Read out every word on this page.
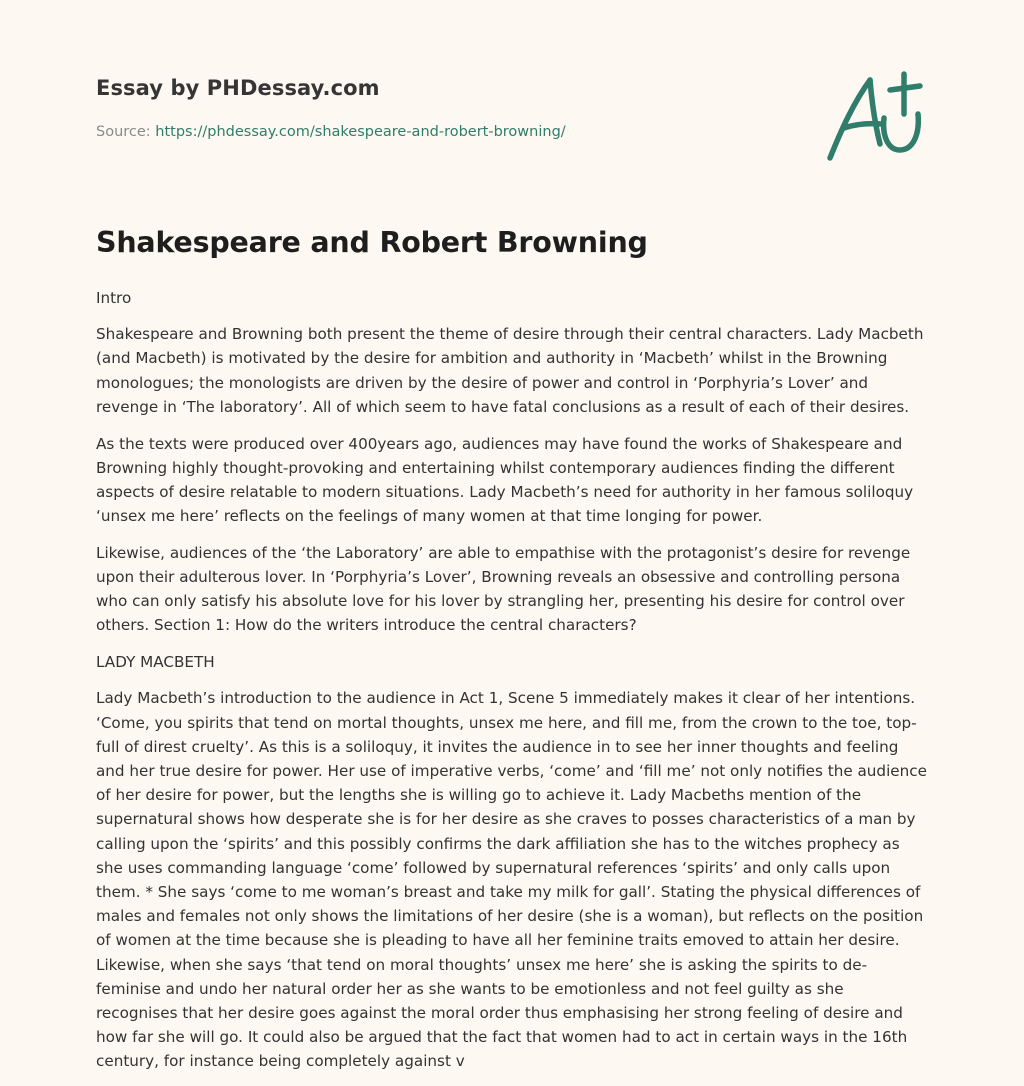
Essay by PHDessay.com
Source: https://phdessay.com/shakespeare-and-robert-browning/
Shakespeare and Robert Browning

Intro

Shakespeare and Browning both present the theme of desire through their central characters. Lady Macbeth (and Macbeth) is motivated by the desire for ambition and authority in ‘Macbeth’ whilst in the Browning monologues; the monologists are driven by the desire of power and control in ‘Porphyria’s Lover’ and revenge in ‘The laboratory’. All of which seem to have fatal conclusions as a result of each of their desires.

As the texts were produced over 400years ago, audiences may have found the works of Shakespeare and Browning highly thought-provoking and entertaining whilst contemporary audiences finding the different aspects of desire relatable to modern situations. Lady Macbeth’s need for authority in her famous soliloquy ‘unsex me here’ reflects on the feelings of many women at that time longing for power.

Likewise, audiences of the ‘the Laboratory’ are able to empathise with the protagonist’s desire for revenge upon their adulterous lover. In ‘Porphyria’s Lover’, Browning reveals an obsessive and controlling persona who can only satisfy his absolute love for his lover by strangling her, presenting his desire for control over others. Section 1: How do the writers introduce the central characters?

LADY MACBETH

Lady Macbeth’s introduction to the audience in Act 1, Scene 5 immediately makes it clear of her intentions. ‘Come, you spirits that tend on mortal thoughts, unsex me here, and fill me, from the crown to the toe, top-full of direst cruelty’. As this is a soliloquy, it invites the audience in to see her inner thoughts and feeling and her true desire for power. Her use of imperative verbs, ‘come’ and ‘fill me’ not only notifies the audience of her desire for power, but the lengths she is willing go to achieve it. Lady Macbeths mention of the supernatural shows how desperate she is for her desire as she craves to posses characteristics of a man by calling upon the ‘spirits’ and this possibly confirms the dark affiliation she has to the witches prophecy as she uses commanding language ‘come’ followed by supernatural references ‘spirits’ and only calls upon them. * She says ‘come to me woman’s breast and take my milk for gall’. Stating the physical differences of males and females not only shows the limitations of her desire (she is a woman), but reflects on the position of women at the time because she is pleading to have all her feminine traits emoved to attain her desire. Likewise, when she says ‘that tend on moral thoughts’ unsex me here’ she is asking the spirits to de-feminise and undo her natural order her as she wants to be emotionless and not feel guilty as she recognises that her desire goes against the moral order thus emphasising her strong feeling of desire and how far she will go. It could also be argued that the fact that women had to act in certain ways in the 16th century, for instance being completely against v
